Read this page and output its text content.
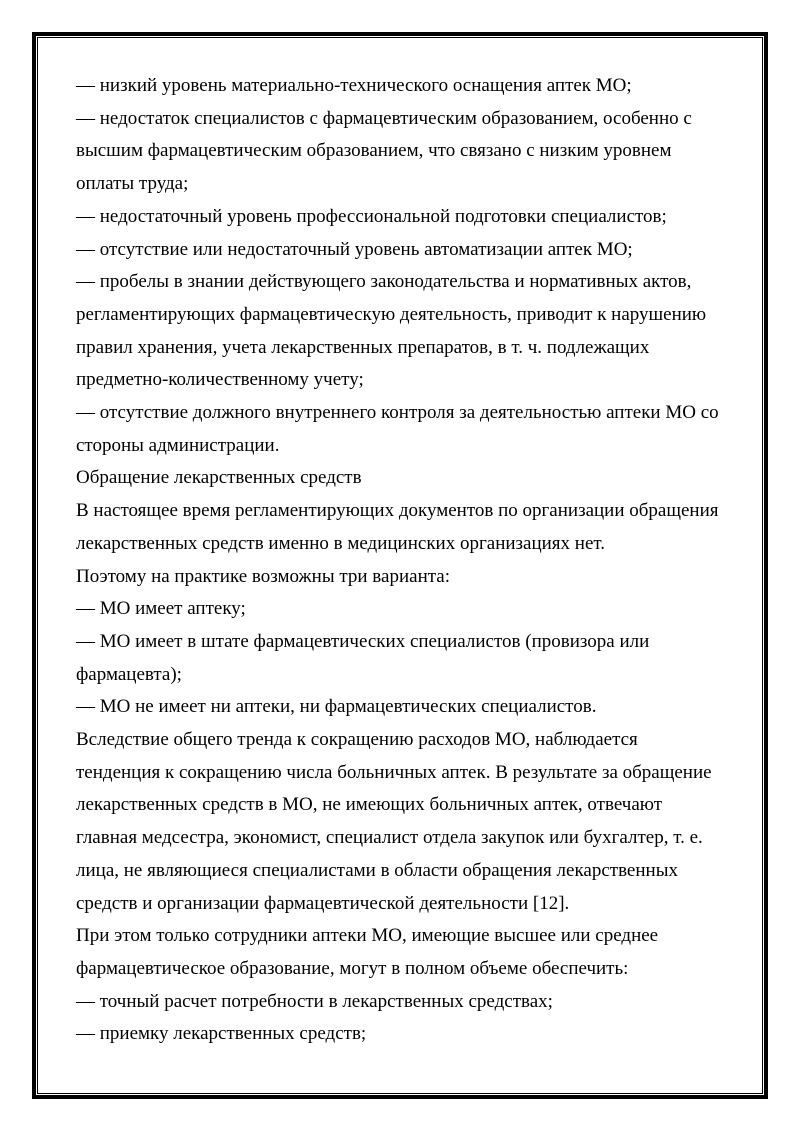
— низкий уровень материально-технического оснащения аптек МО;

— недостаток специалистов с фармацевтическим образованием, особенно с

высшим фармацевтическим образованием, что связано с низким уровнем

оплаты труда;

— недостаточный уровень профессиональной подготовки специалистов;

— отсутствие или недостаточный уровень автоматизации аптек МО;

— пробелы в знании действующего законодательства и нормативных актов,

регламентирующих фармацевтическую деятельность, приводит к нарушению

правил хранения, учета лекарственных препаратов, в т. ч. подлежащих

предметно-количественному учету;

— отсутствие должного внутреннего контроля за деятельностью аптеки МО со

стороны администрации.

Обращение лекарственных средств

В настоящее время регламентирующих документов по организации обращения

лекарственных средств именно в медицинских организациях нет.

Поэтому на практике возможны три варианта:

— МО имеет аптеку;

— МО имеет в штате фармацевтических специалистов (провизора или

фармацевта);

— МО не имеет ни аптеки, ни фармацевтических специалистов.

Вследствие общего тренда к сокращению расходов МО, наблюдается

тенденция к сокращению числа больничных аптек. В результате за обращение

лекарственных средств в МО, не имеющих больничных аптек, отвечают

главная медсестра, экономист, специалист отдела закупок или бухгалтер, т. е.

лица, не являющиеся специалистами в области обращения лекарственных

средств и организации фармацевтической деятельности [12].

При этом только сотрудники аптеки МО, имеющие высшее или среднее

фармацевтическое образование, могут в полном объеме обеспечить:

— точный расчет потребности в лекарственных средствах;

— приемку лекарственных средств;
